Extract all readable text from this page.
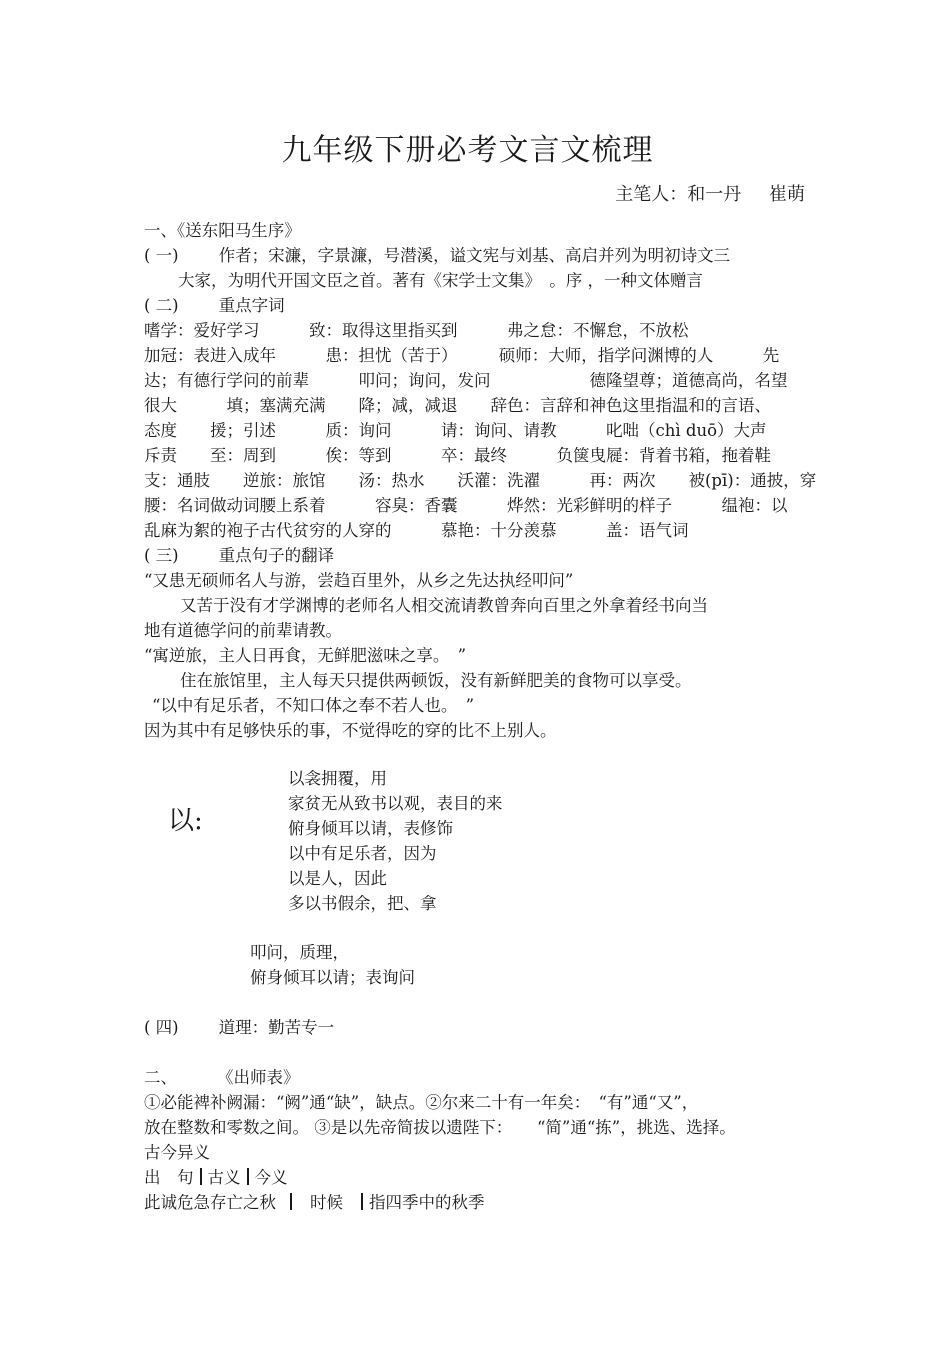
九年级下册必考文言文梳理
主笔人：和一丹 崔萌
一、《送东阳马生序》
( 一) 作者；宋濂，字景濂，号潜溪，谥文宪与刘基、高启并列为明初诗文三
大家，为明代开国文臣之首。著有《宋学士文集》　。序 ，一种文体赠言
( 二) 重点字词
嗜学：爱好学习　　　致：取得这里指买到　　　弗之怠：不懈怠，不放松
加冠：表进入成年　　　患：担忧（苦于）　　　硕师：大师，指学问渊博的人　　　先
达；有德行学问的前辈　　　叩问；询问，发问　　　　　　德隆望尊；道德高尚，名望
很大　　　填；塞满充满　　降；减，减退　　辞色：言辞和神色这里指温和的言语、
态度　　援；引述　　　质：询问　　　请：询问、请教　　　叱咄（chì duō）大声
斥责　　至：周到　　　俟：等到　　　卒：最终　　　负箧曳屣：背着书箱，拖着鞋
支：通肢　　逆旅：旅馆　　汤：热水　　沃灌：洗濯　　　再：两次　　被(pī)：通披，穿
腰：名词做动词腰上系着　　　容臭：香囊　　　烨然：光彩鲜明的样子　　　缊袍：以
乱麻为絮的袍子古代贫穷的人穿的　　　慕艳：十分羡慕　　　盖：语气词
( 三) 重点句子的翻译
“又患无硕师名人与游，尝趋百里外，从乡之先达执经叩问”
又苦于没有才学渊博的老师名人相交流请教曾奔向百里之外拿着经书向当
地有道德学问的前辈请教。
“寓逆旅，主人日再食，无鲜肥滋味之享。　”
住在旅馆里，主人每天只提供两顿饭，没有新鲜肥美的食物可以享受。
“以中有足乐者，不知口体之奉不若人也。　”
因为其中有足够快乐的事，不觉得吃的穿的比不上别人。
以:
以衾拥覆，用
家贫无从致书以观，表目的来
俯身倾耳以请，表修饰
以中有足乐者，因为
以是人，因此
多以书假余，把、拿
叩问，质理，
俯身倾耳以请；表询问
( 四) 道理：勤苦专一
二、 《出师表》
①必能裨补阙漏：“阙”通“缺”，缺点。②尔来二十有一年矣：　“有”通“又”，
放在整数和零数之间。 ③是以先帝简拔以遗陛下：　　“简”通“拣”，挑选、选择。
古今异义
出　句 古义 今义
此诚危急存亡之秋 时候 指四季中的秋季
